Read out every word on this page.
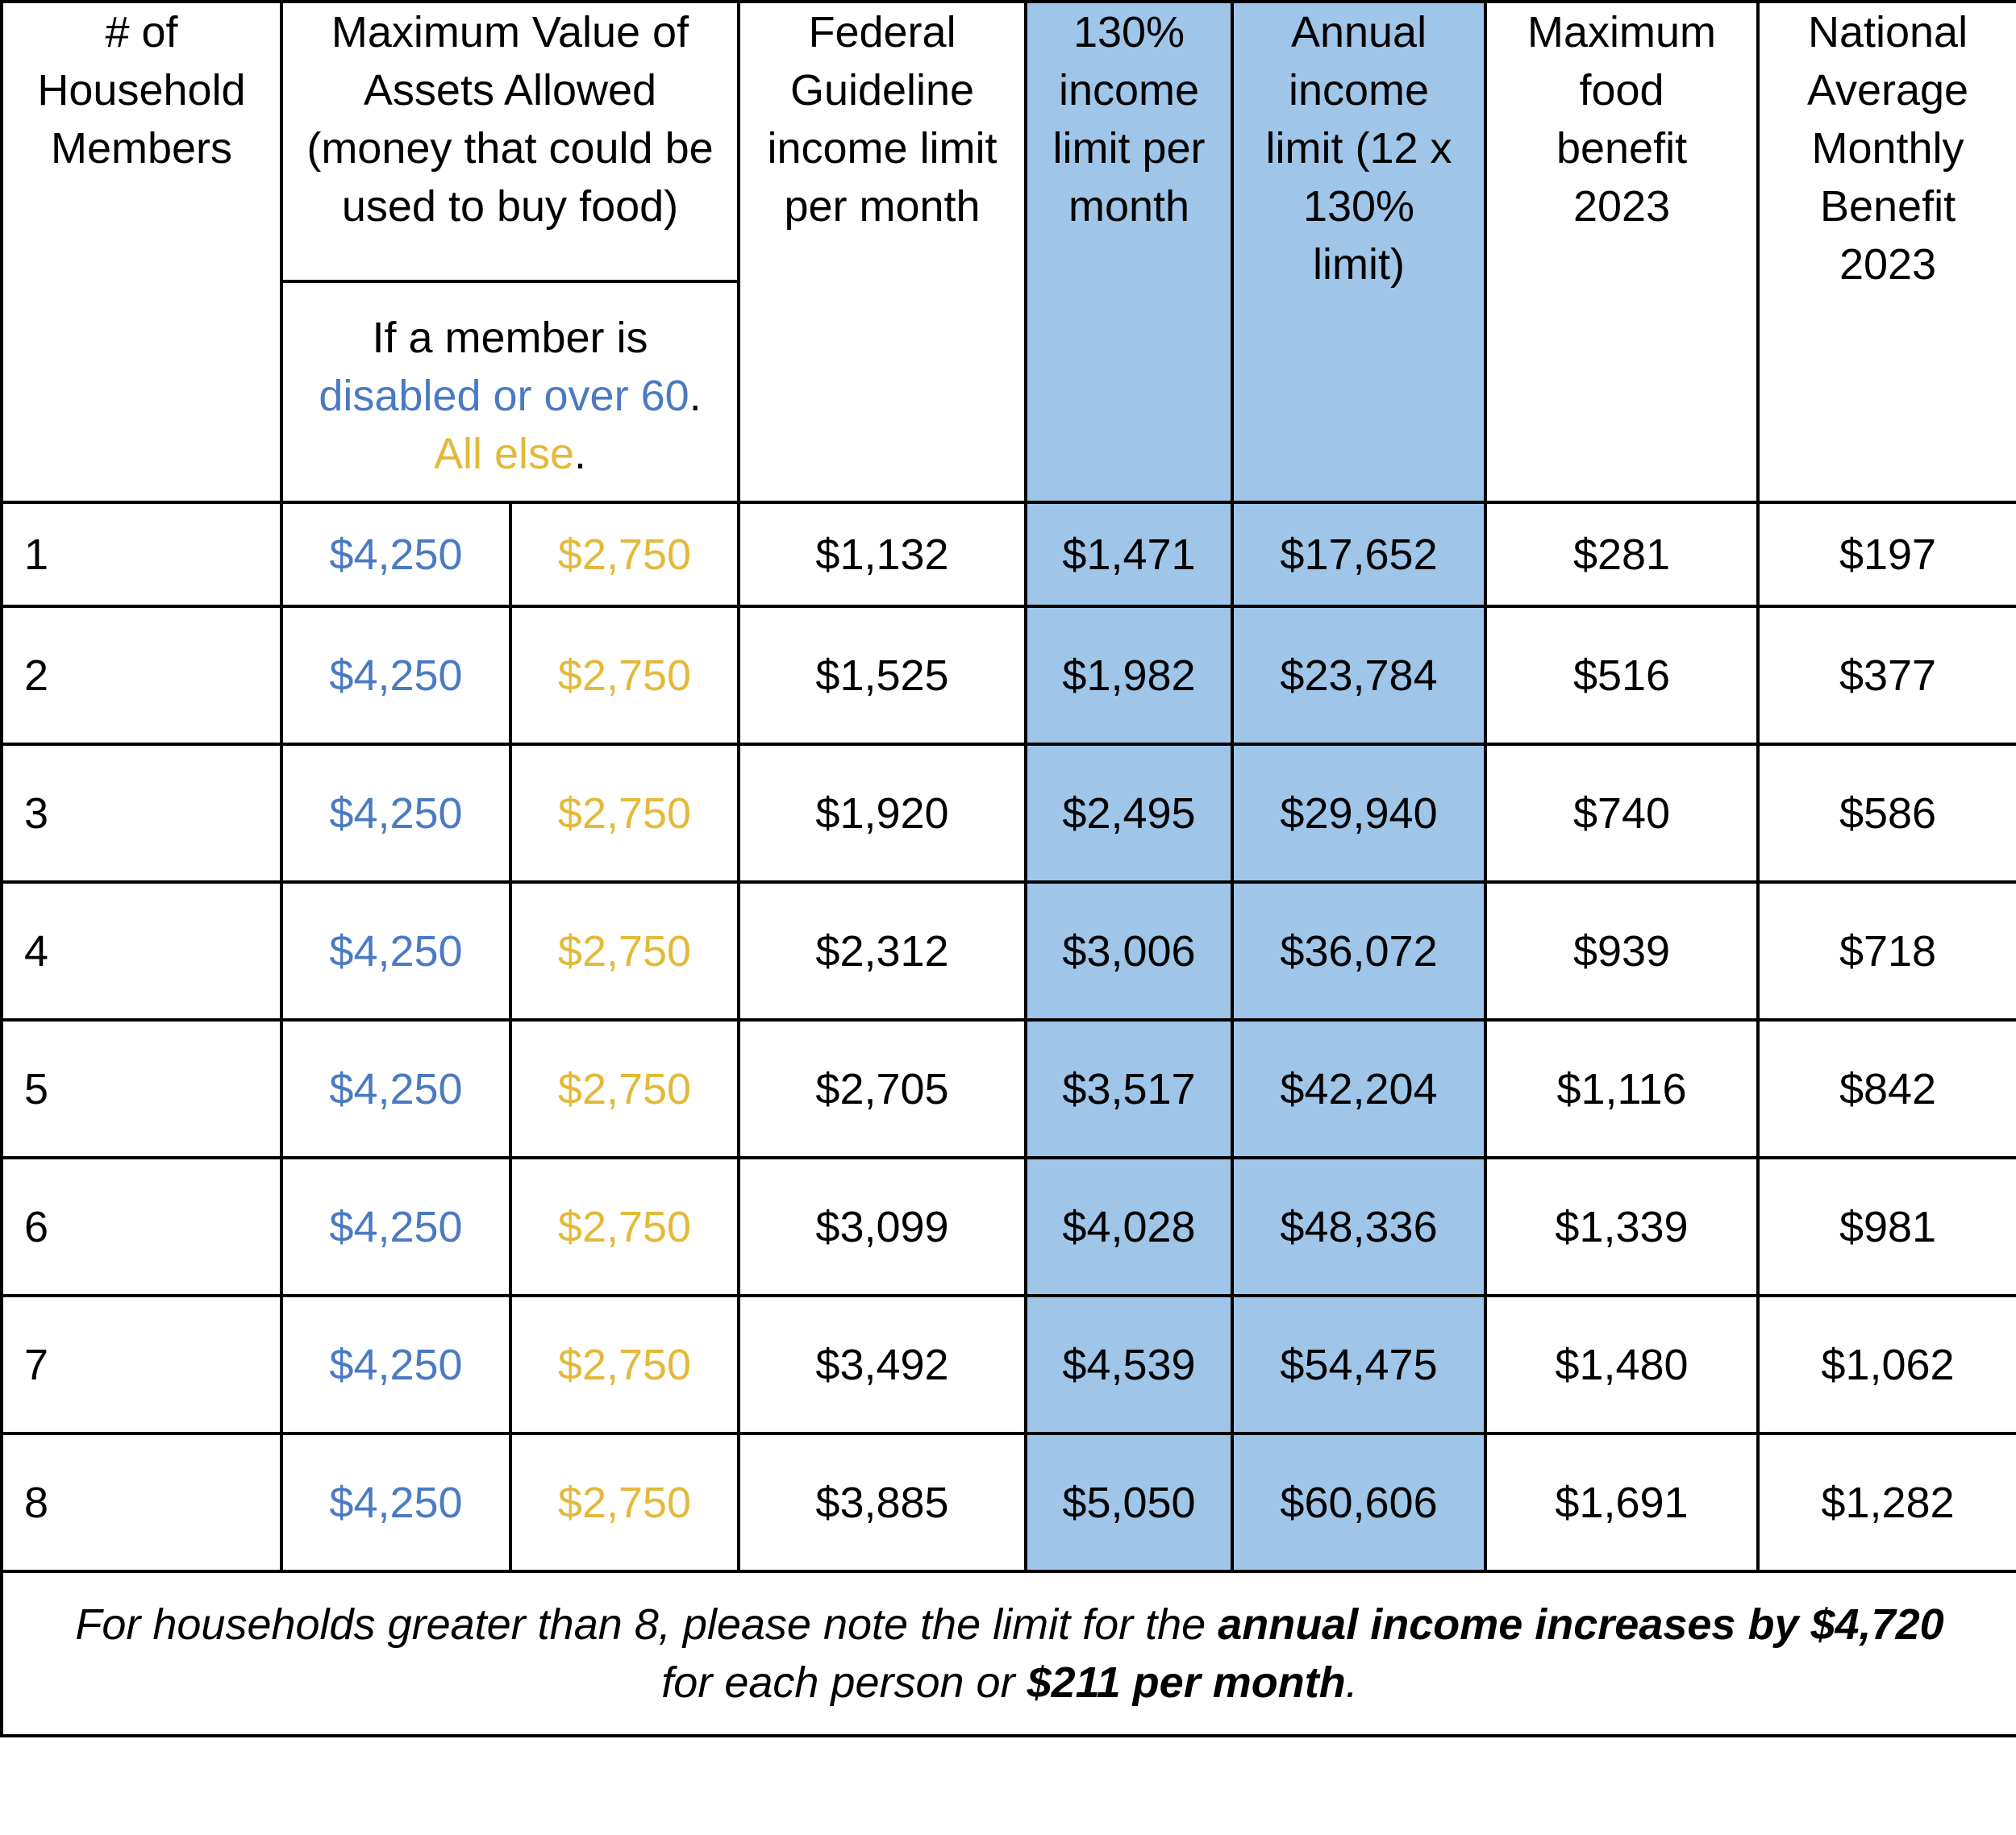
# of Household Members	Maximum Value of Assets Allowed (money that could be used to buy food)		Federal Guideline income limit per month	130% income limit per month	Annual income limit (12 x 130% limit)	Maximum food benefit 2023	National Average Monthly Benefit 2023
	If a member is
disabled or over 60.
All else.						
1	$4,250	$2,750	$1,132	$1,471	$17,652	$281	$197
2	$4,250	$2,750	$1,525	$1,982	$23,784	$516	$377
3	$4,250	$2,750	$1,920	$2,495	$29,940	$740	$586
4	$4,250	$2,750	$2,312	$3,006	$36,072	$939	$718
5	$4,250	$2,750	$2,705	$3,517	$42,204	$1,116	$842
6	$4,250	$2,750	$3,099	$4,028	$48,336	$1,339	$981
7	$4,250	$2,750	$3,492	$4,539	$54,475	$1,480	$1,062
8	$4,250	$2,750	$3,885	$5,050	$60,606	$1,691	$1,282
For households greater than 8, please note the limit for the annual income increases by $4,720 for each person or $211 per month.							
